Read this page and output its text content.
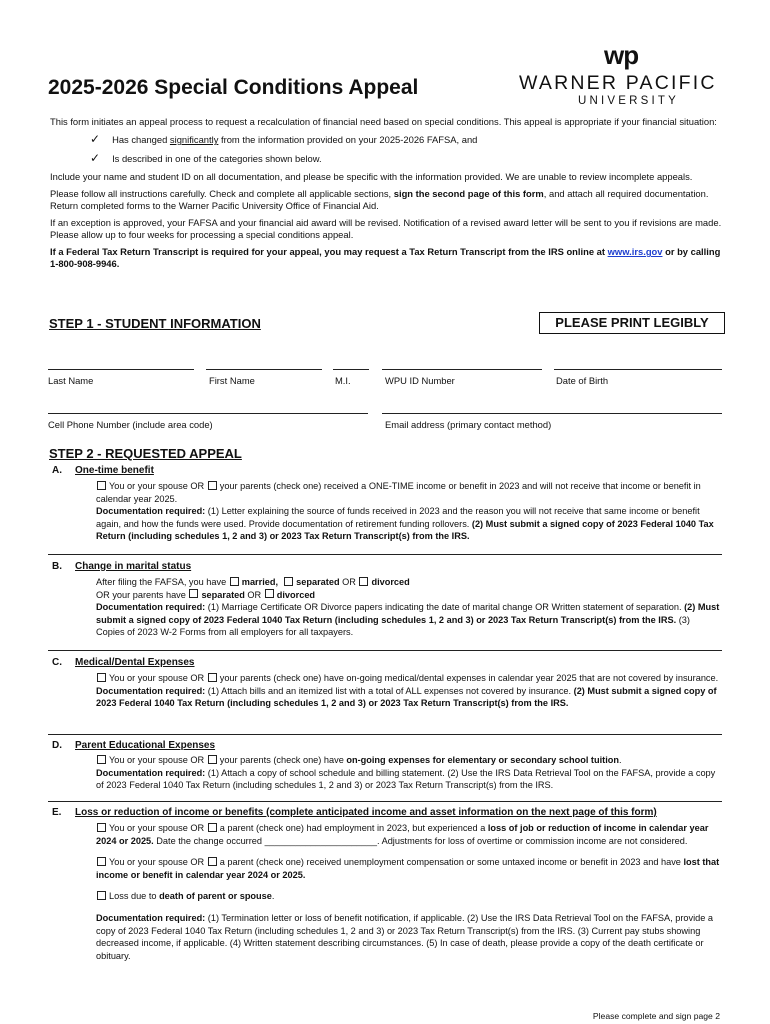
2025-2026 Special Conditions Appeal
wp
WARNER PACIFIC
UNIVERSITY

This form initiates an appeal process to request a recalculation of financial need based on special conditions. This appeal is appropriate if your financial situation:

✓ Has changed significantly from the information provided on your 2025-2026 FAFSA, and
✓ Is described in one of the categories shown below.

Include your name and student ID on all documentation, and please be specific with the information provided. We are unable to review incomplete appeals.

Please follow all instructions carefully. Check and complete all applicable sections, sign the second page of this form, and attach all required documentation. Return completed forms to the Warner Pacific University Office of Financial Aid.

If an exception is approved, your FAFSA and your financial aid award will be revised. Notification of a revised award letter will be sent to you if revisions are made. Please allow up to four weeks for processing a special conditions appeal.

If a Federal Tax Return Transcript is required for your appeal, you may request a Tax Return Transcript from the IRS online at www.irs.gov or by calling 1-800-908-9946.

STEP 1 - STUDENT INFORMATION	PLEASE PRINT LEGIBLY
Last Name	First Name	M.I.	WPU ID Number	Date of Birth
Cell Phone Number (include area code)	Email address (primary contact method)
STEP 2 - REQUESTED APPEAL
A. One-time benefit

You or your spouse OR your parents (check one) received a ONE-TIME income or benefit in 2023 and will not receive that income or benefit in calendar year 2025.

Documentation required: (1) Letter explaining the source of funds received in 2023 and the reason you will not receive that same income or benefit again, and how the funds were used. Provide documentation of retirement funding rollovers. (2) Must submit a signed copy of 2023 Federal 1040 Tax Return (including schedules 1, 2 and 3) or 2023 Tax Return Transcript(s) from the IRS.

B. Change in marital status

After filing the FAFSA, you have married, separated OR divorced

OR your parents have separated OR divorced

Documentation required: (1) Marriage Certificate OR Divorce papers indicating the date of marital change OR Written statement of separation. (2) Must submit a signed copy of 2023 Federal 1040 Tax Return (including schedules 1, 2 and 3) or 2023 Tax Return Transcript(s) from the IRS. (3) Copies of 2023 W-2 Forms from all employers for all taxpayers.

C. Medical/Dental Expenses

You or your spouse OR your parents (check one) have on-going medical/dental expenses in calendar year 2025 that are not covered by insurance.

Documentation required: (1) Attach bills and an itemized list with a total of ALL expenses not covered by insurance. (2) Must submit a signed copy of 2023 Federal 1040 Tax Return (including schedules 1, 2 and 3) or 2023 Tax Return Transcript(s) from the IRS.

D. Parent Educational Expenses

You or your spouse OR your parents (check one) have on-going expenses for elementary or secondary school tuition.

Documentation required: (1) Attach a copy of school schedule and billing statement. (2) Use the IRS Data Retrieval Tool on the FAFSA, provide a copy of 2023 Federal 1040 Tax Return (including schedules 1, 2 and 3) or 2023 Tax Return Transcript(s) from the IRS.

E. Loss or reduction of income or benefits (complete anticipated income and asset information on the next page of this form)

You or your spouse OR a parent (check one) had employment in 2023, but experienced a loss of job or reduction of income in calendar year 2024 or 2025. Date the change occurred ______________________. Adjustments for loss of overtime or commission income are not considered.

You or your spouse OR a parent (check one) received unemployment compensation or some untaxed income or benefit in 2023 and have lost that income or benefit in calendar year 2024 or 2025.

Loss due to death of parent or spouse.

Documentation required: (1) Termination letter or loss of benefit notification, if applicable. (2) Use the IRS Data Retrieval Tool on the FAFSA, provide a copy of 2023 Federal 1040 Tax Return (including schedules 1, 2 and 3) or 2023 Tax Return Transcript(s) from the IRS. (3) Current pay stubs showing decreased income, if applicable. (4) Written statement describing circumstances. (5) In case of death, please provide a copy of the death certificate or obituary.

Please complete and sign page 2
